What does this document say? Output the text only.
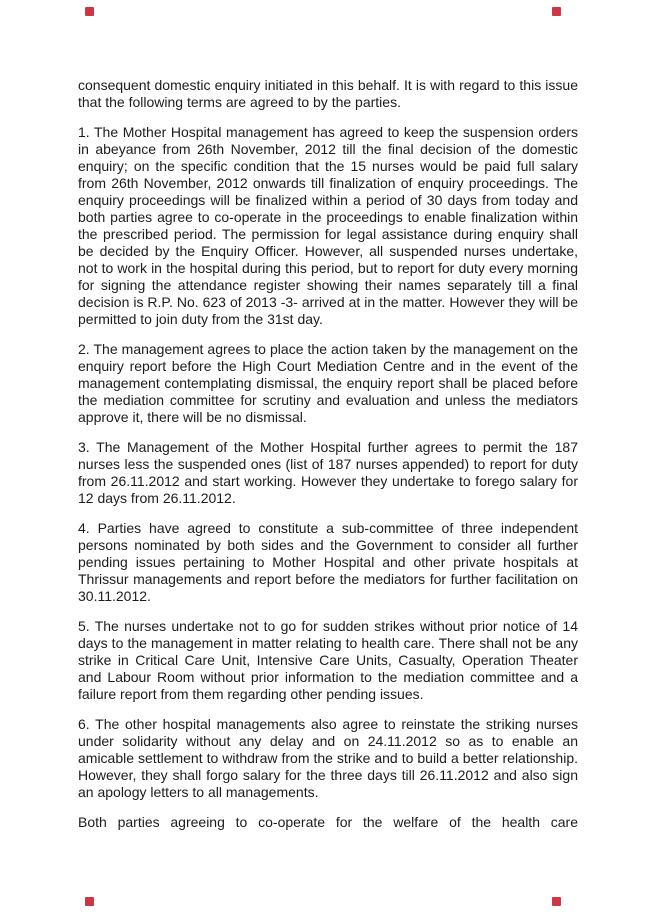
consequent domestic enquiry initiated in this behalf. It is with regard to this issue that the following terms are agreed to by the parties.

1. The Mother Hospital management has agreed to keep the suspension orders in abeyance from 26th November, 2012 till the final decision of the domestic enquiry; on the specific condition that the 15 nurses would be paid full salary from 26th November, 2012 onwards till finalization of enquiry proceedings. The enquiry proceedings will be finalized within a period of 30 days from today and both parties agree to co-operate in the proceedings to enable finalization within the prescribed period. The permission for legal assistance during enquiry shall be decided by the Enquiry Officer. However, all suspended nurses undertake, not to work in the hospital during this period, but to report for duty every morning for signing the attendance register showing their names separately till a final decision is R.P. No. 623 of 2013 -3- arrived at in the matter. However they will be permitted to join duty from the 31st day.

2. The management agrees to place the action taken by the management on the enquiry report before the High Court Mediation Centre and in the event of the management contemplating dismissal, the enquiry report shall be placed before the mediation committee for scrutiny and evaluation and unless the mediators approve it, there will be no dismissal.

3. The Management of the Mother Hospital further agrees to permit the 187 nurses less the suspended ones (list of 187 nurses appended) to report for duty from 26.11.2012 and start working. However they undertake to forego salary for 12 days from 26.11.2012.

4. Parties have agreed to constitute a sub-committee of three independent persons nominated by both sides and the Government to consider all further pending issues pertaining to Mother Hospital and other private hospitals at Thrissur managements and report before the mediators for further facilitation on 30.11.2012.

5. The nurses undertake not to go for sudden strikes without prior notice of 14 days to the management in matter relating to health care. There shall not be any strike in Critical Care Unit, Intensive Care Units, Casualty, Operation Theater and Labour Room without prior information to the mediation committee and a failure report from them regarding other pending issues.

6. The other hospital managements also agree to reinstate the striking nurses under solidarity without any delay and on 24.11.2012 so as to enable an amicable settlement to withdraw from the strike and to build a better relationship. However, they shall forgo salary for the three days till 26.11.2012 and also sign an apology letters to all managements.

Both parties agreeing to co-operate for the welfare of the health care
